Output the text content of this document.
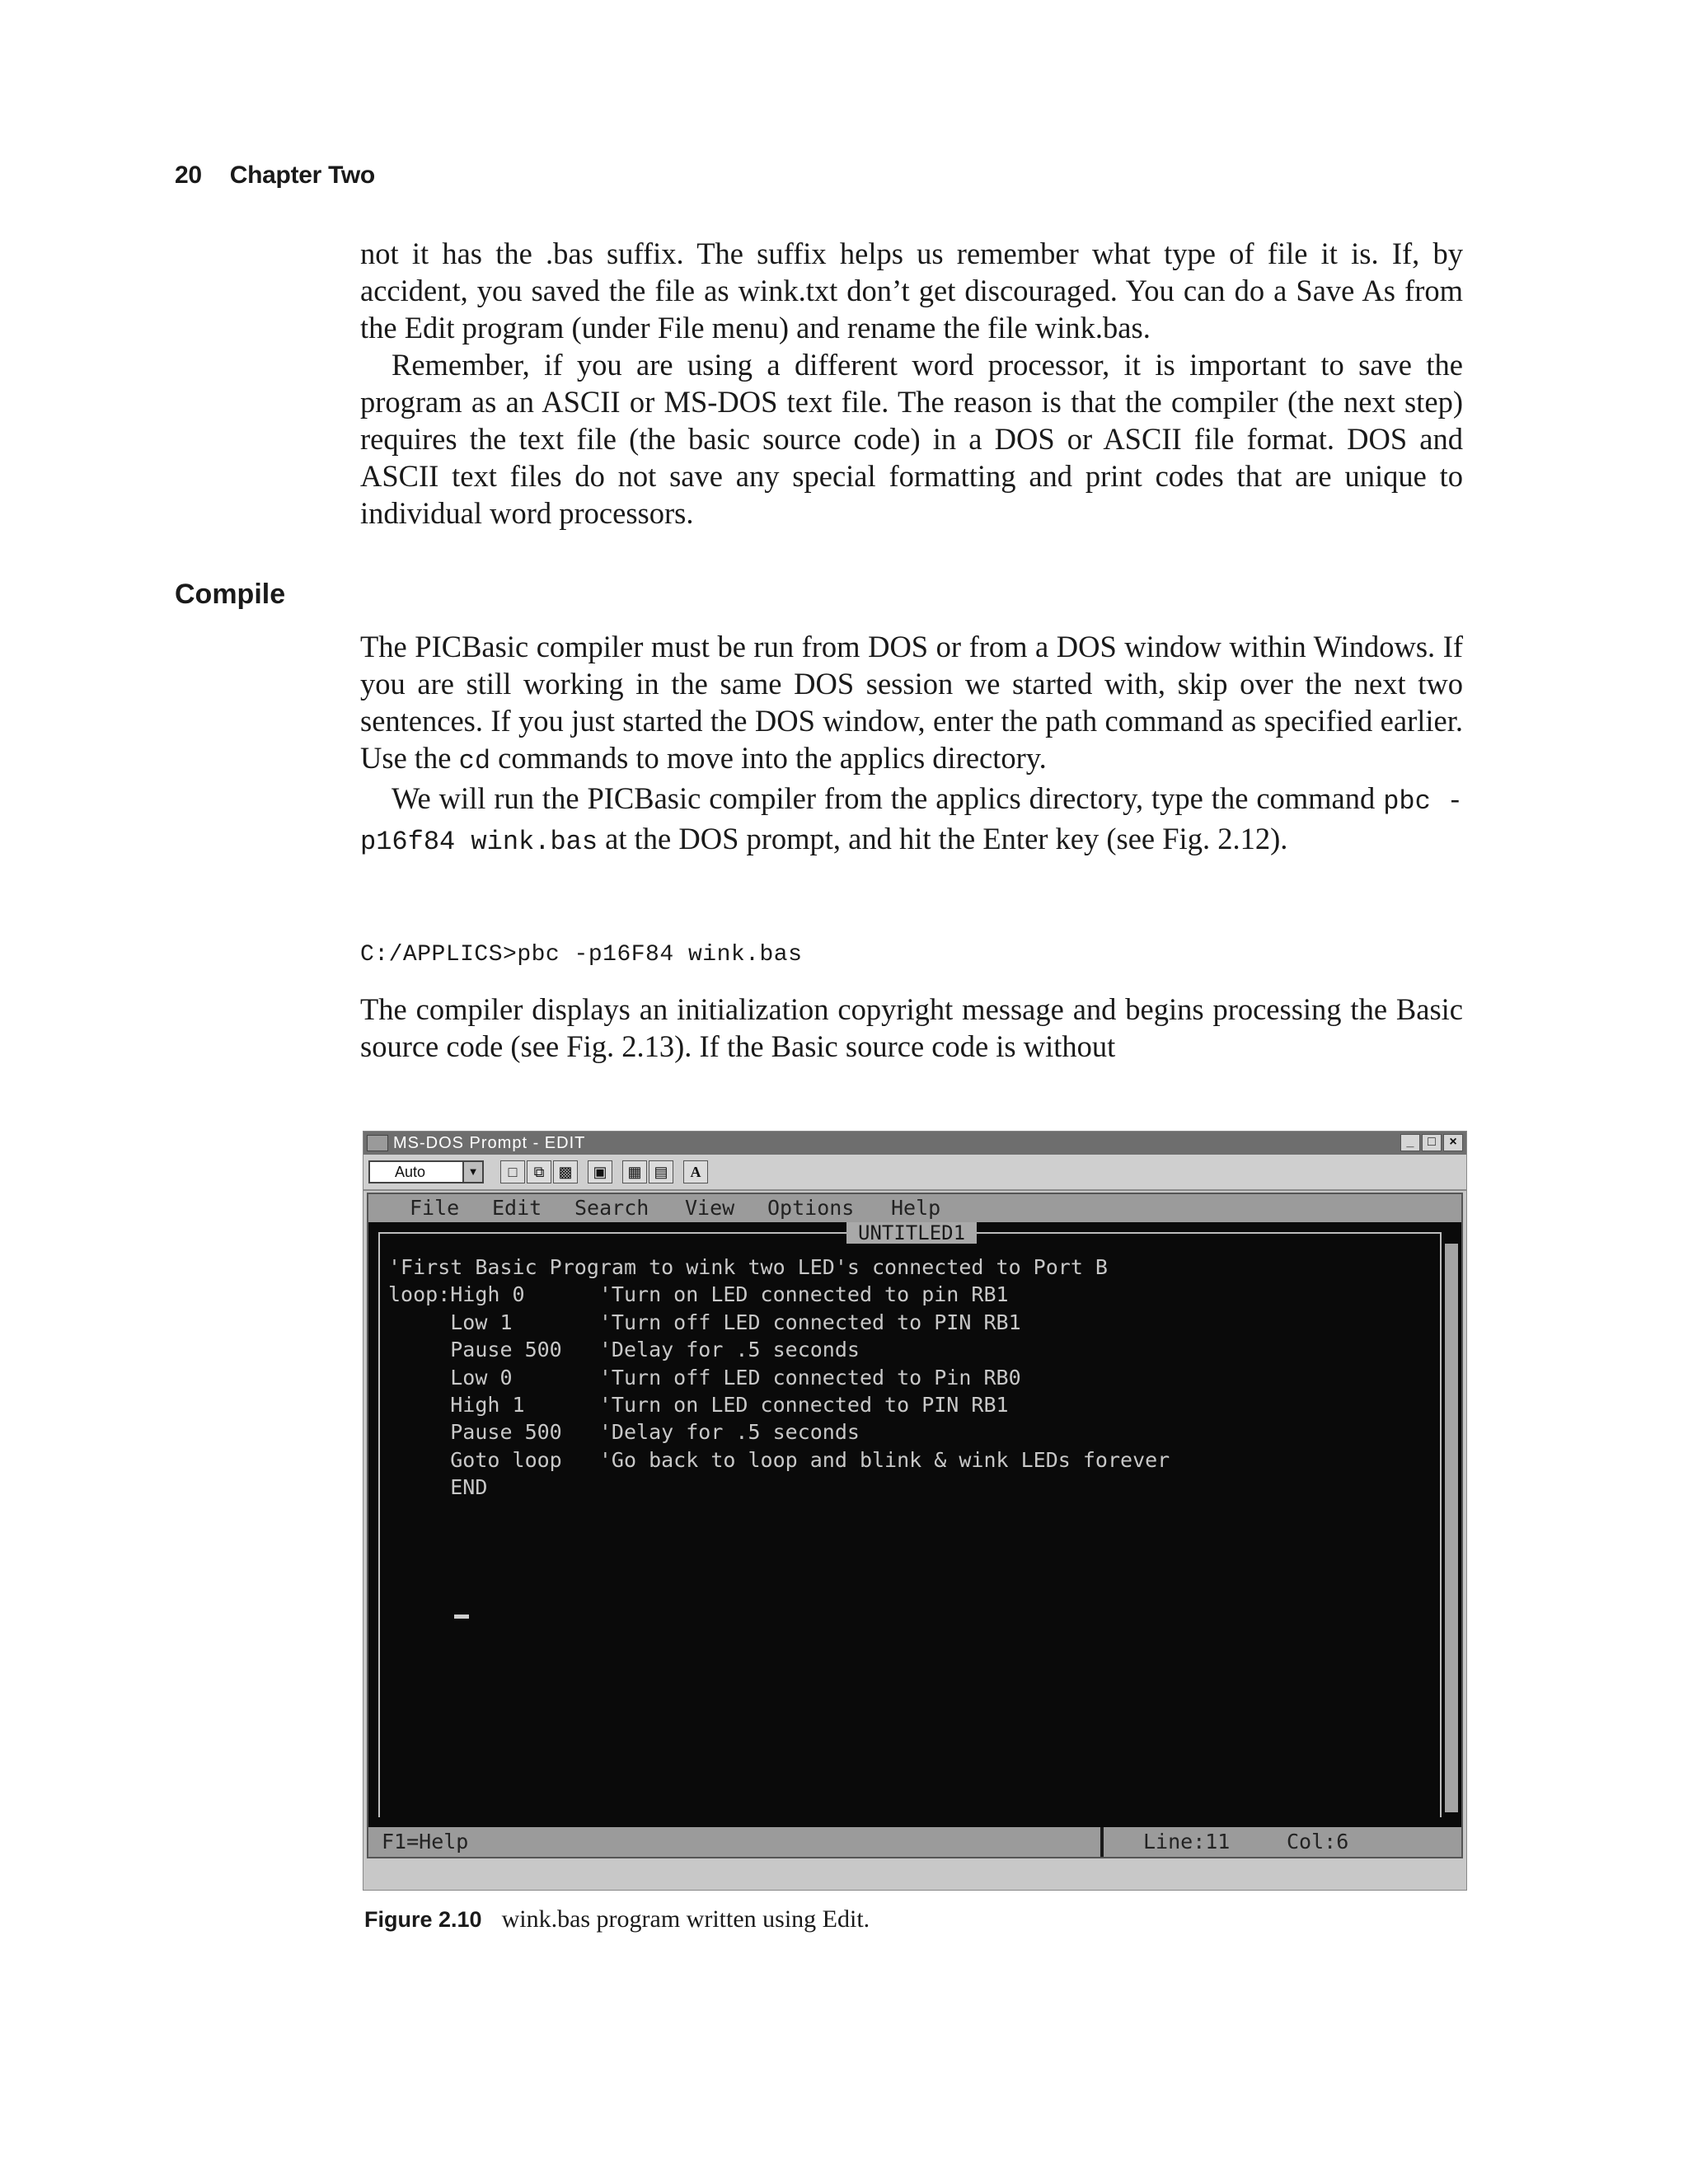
20 Chapter Two

not it has the .bas suffix. The suffix helps us remember what type of file it is. If, by accident, you saved the file as wink.txt don’t get discouraged. You can do a Save As from the Edit program (under File menu) and rename the file wink.bas.

Remember, if you are using a different word processor, it is important to save the program as an ASCII or MS-DOS text file. The reason is that the compiler (the next step) requires the text file (the basic source code) in a DOS or ASCII file format. DOS and ASCII text files do not save any special formatting and print codes that are unique to individual word processors.

Compile

The PICBasic compiler must be run from DOS or from a DOS window within Windows. If you are still working in the same DOS session we started with, skip over the next two sentences. If you just started the DOS window, enter the path command as specified earlier. Use the cd commands to move into the applics directory.

We will run the PICBasic compiler from the applics directory, type the command pbc -p16f84 wink.bas at the DOS prompt, and hit the Enter key (see Fig. 2.12).

C:/APPLICS>pbc -p16F84 wink.bas

The compiler displays an initialization copyright message and begins processing the Basic source code (see Fig. 2.13). If the Basic source code is without

MS-DOS Prompt - EDIT	_	□	×
Auto	▼	□	⧉ ▩	▣	▦ ▤	A
File Edit Search View Options Help
UNTITLED1
'First Basic Program to wink two LED's connected to Port B
loop:High 0      'Turn on LED connected to pin RB1
Low 1       'Turn off LED connected to PIN RB1
Pause 500   'Delay for .5 seconds
Low 0       'Turn off LED connected to Pin RB0
High 1      'Turn on LED connected to PIN RB1
Pause 500   'Delay for .5 seconds
Goto loop   'Go back to loop and blink & wink LEDs forever
END
F1=Help	Line:11	Col:6
Figure 2.10 wink.bas program written using Edit.
